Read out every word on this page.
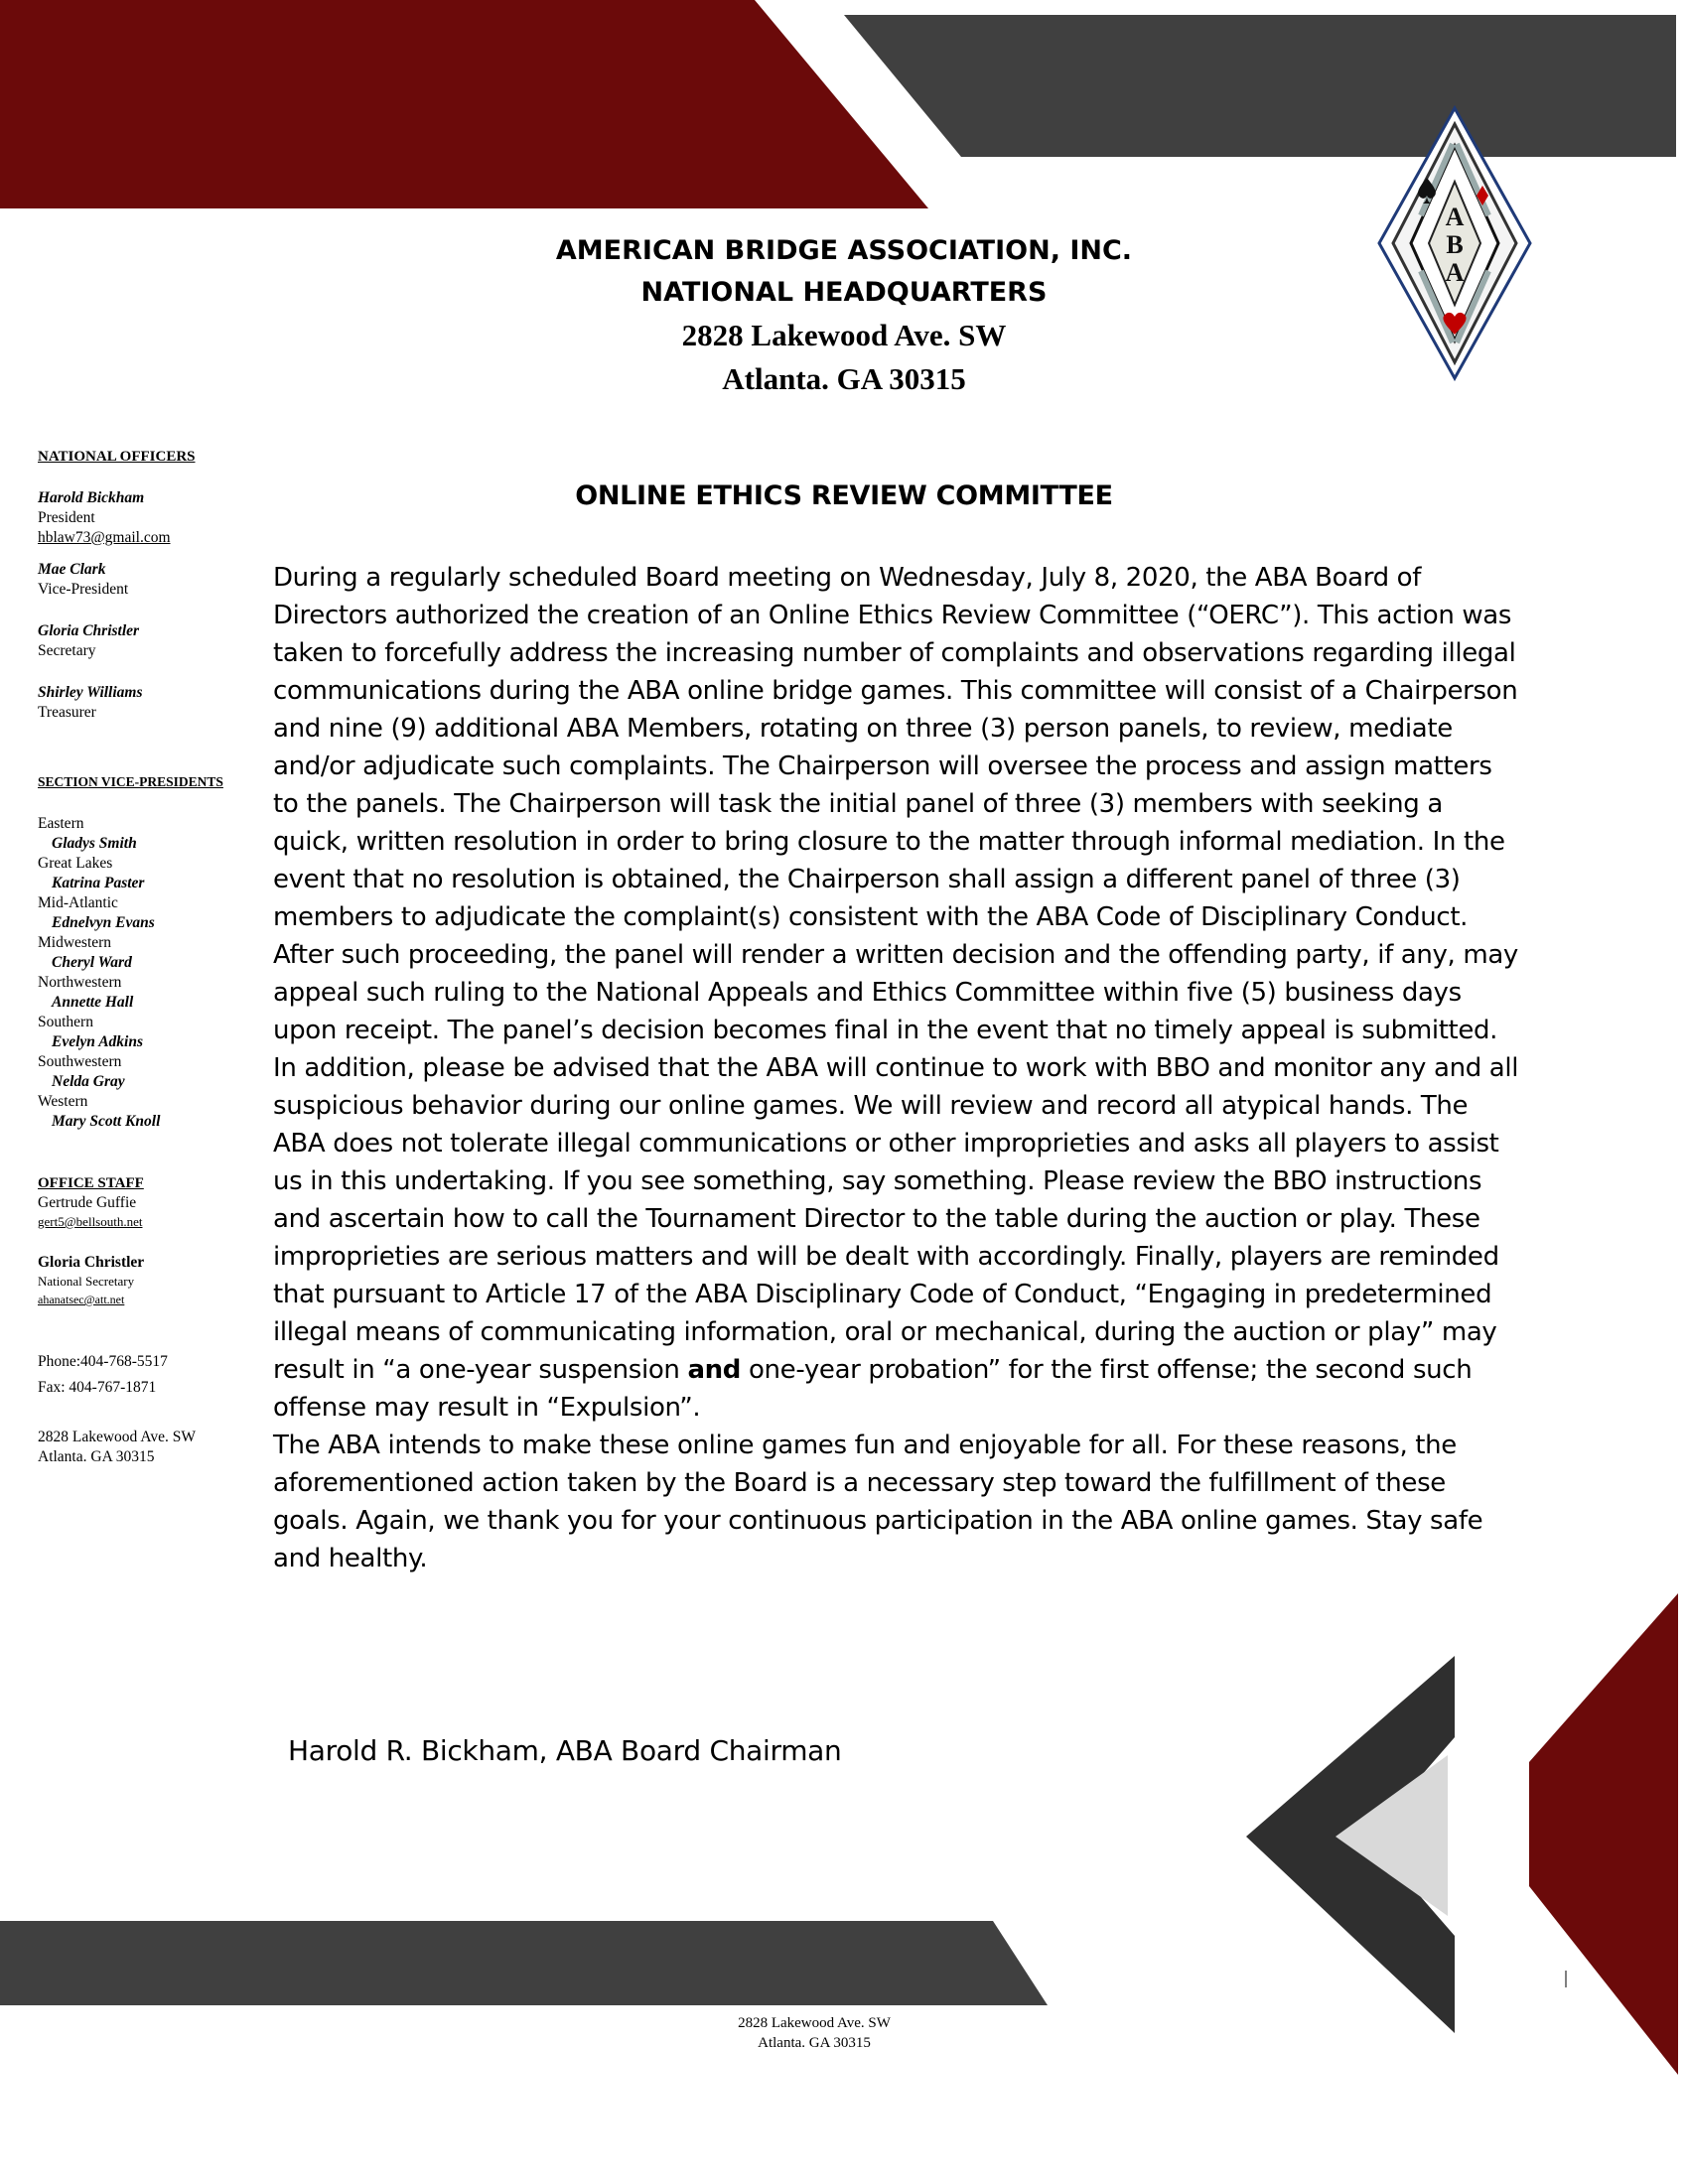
A
B
A
AMERICAN BRIDGE ASSOCIATION, INC.
NATIONAL HEADQUARTERS
2828 Lakewood Ave. SW
Atlanta. GA 30315
NATIONAL OFFICERS
Harold Bickham
President
hblaw73@gmail.com
Mae Clark
Vice-President
Gloria Christler
Secretary
Shirley Williams
Treasurer
SECTION VICE-PRESIDENTS
Eastern
Gladys Smith
Great Lakes
Katrina Paster
Mid-Atlantic
Ednelvyn Evans
Midwestern
Cheryl Ward
Northwestern
Annette Hall
Southern
Evelyn Adkins
Southwestern
Nelda Gray
Western
Mary Scott Knoll
OFFICE STAFF
Gertrude Guffie
gert5@bellsouth.net
Gloria Christler
National Secretary
ahanatsec@att.net
Phone:404-768-5517
Fax: 404-767-1871
2828 Lakewood Ave. SW
Atlanta. GA 30315
ONLINE ETHICS REVIEW COMMITTEE

During a regularly scheduled Board meeting on Wednesday, July 8, 2020, the ABA Board of Directors authorized the creation of an Online Ethics Review Committee (“OERC”). This action was taken to forcefully address the increasing number of complaints and observations regarding illegal communications during the ABA online bridge games. This committee will consist of a Chairperson and nine (9) additional ABA Members, rotating on three (3) person panels, to review, mediate and/or adjudicate such complaints. The Chairperson will oversee the process and assign matters to the panels. The Chairperson will task the initial panel of three (3) members with seeking a quick, written resolution in order to bring closure to the matter through informal mediation. In the event that no resolution is obtained, the Chairperson shall assign a different panel of three (3) members to adjudicate the complaint(s) consistent with the ABA Code of Disciplinary Conduct. After such proceeding, the panel will render a written decision and the offending party, if any, may appeal such ruling to the National Appeals and Ethics Committee within five (5) business days upon receipt. The panel’s decision becomes final in the event that no timely appeal is submitted.

In addition, please be advised that the ABA will continue to work with BBO and monitor any and all suspicious behavior during our online games. We will review and record all atypical hands. The ABA does not tolerate illegal communications or other improprieties and asks all players to assist us in this undertaking. If you see something, say something. Please review the BBO instructions and ascertain how to call the Tournament Director to the table during the auction or play. These improprieties are serious matters and will be dealt with accordingly. Finally, players are reminded that pursuant to Article 17 of the ABA Disciplinary Code of Conduct, “Engaging in predetermined illegal means of communicating information, oral or mechanical, during the auction or play” may result in “a one-year suspension and one-year probation” for the first offense; the second such offense may result in “Expulsion”.

The ABA intends to make these online games fun and enjoyable for all. For these reasons, the aforementioned action taken by the Board is a necessary step toward the fulfillment of these goals. Again, we thank you for your continuous participation in the ABA online games. Stay safe and healthy.

Harold R. Bickham, ABA Board Chairman
2828 Lakewood Ave. SW
Atlanta. GA 30315
